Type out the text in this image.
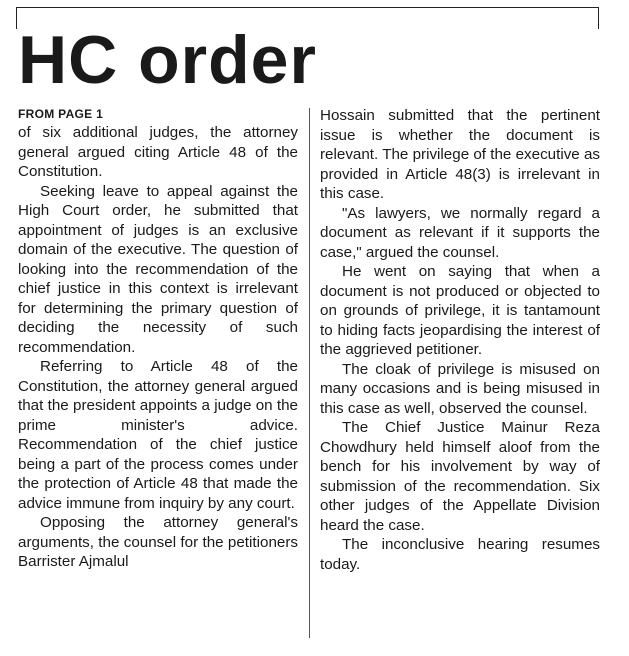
HC order

FROM PAGE 1

of six additional judges, the attorney general argued citing Article 48 of the Constitution.

Seeking leave to appeal against the High Court order, he submitted that appointment of judges is an exclusive domain of the executive. The question of looking into the recommendation of the chief justice in this context is irrelevant for determining the primary question of deciding the necessity of such recommendation.

Referring to Article 48 of the Constitution, the attorney general argued that the president appoints a judge on the prime minister's advice. Recommendation of the chief justice being a part of the process comes under the protection of Article 48 that made the advice immune from inquiry by any court.

Opposing the attorney general's arguments, the counsel for the petitioners Barrister Ajmalul

Hossain submitted that the pertinent issue is whether the document is relevant. The privilege of the executive as provided in Article 48(3) is irrelevant in this case.

"As lawyers, we normally regard a document as relevant if it supports the case," argued the counsel.

He went on saying that when a document is not produced or objected to on grounds of privilege, it is tantamount to hiding facts jeopardising the interest of the aggrieved petitioner.

The cloak of privilege is misused on many occasions and is being misused in this case as well, observed the counsel.

The Chief Justice Mainur Reza Chowdhury held himself aloof from the bench for his involvement by way of submission of the recommendation. Six other judges of the Appellate Division heard the case.

The inconclusive hearing resumes today.
